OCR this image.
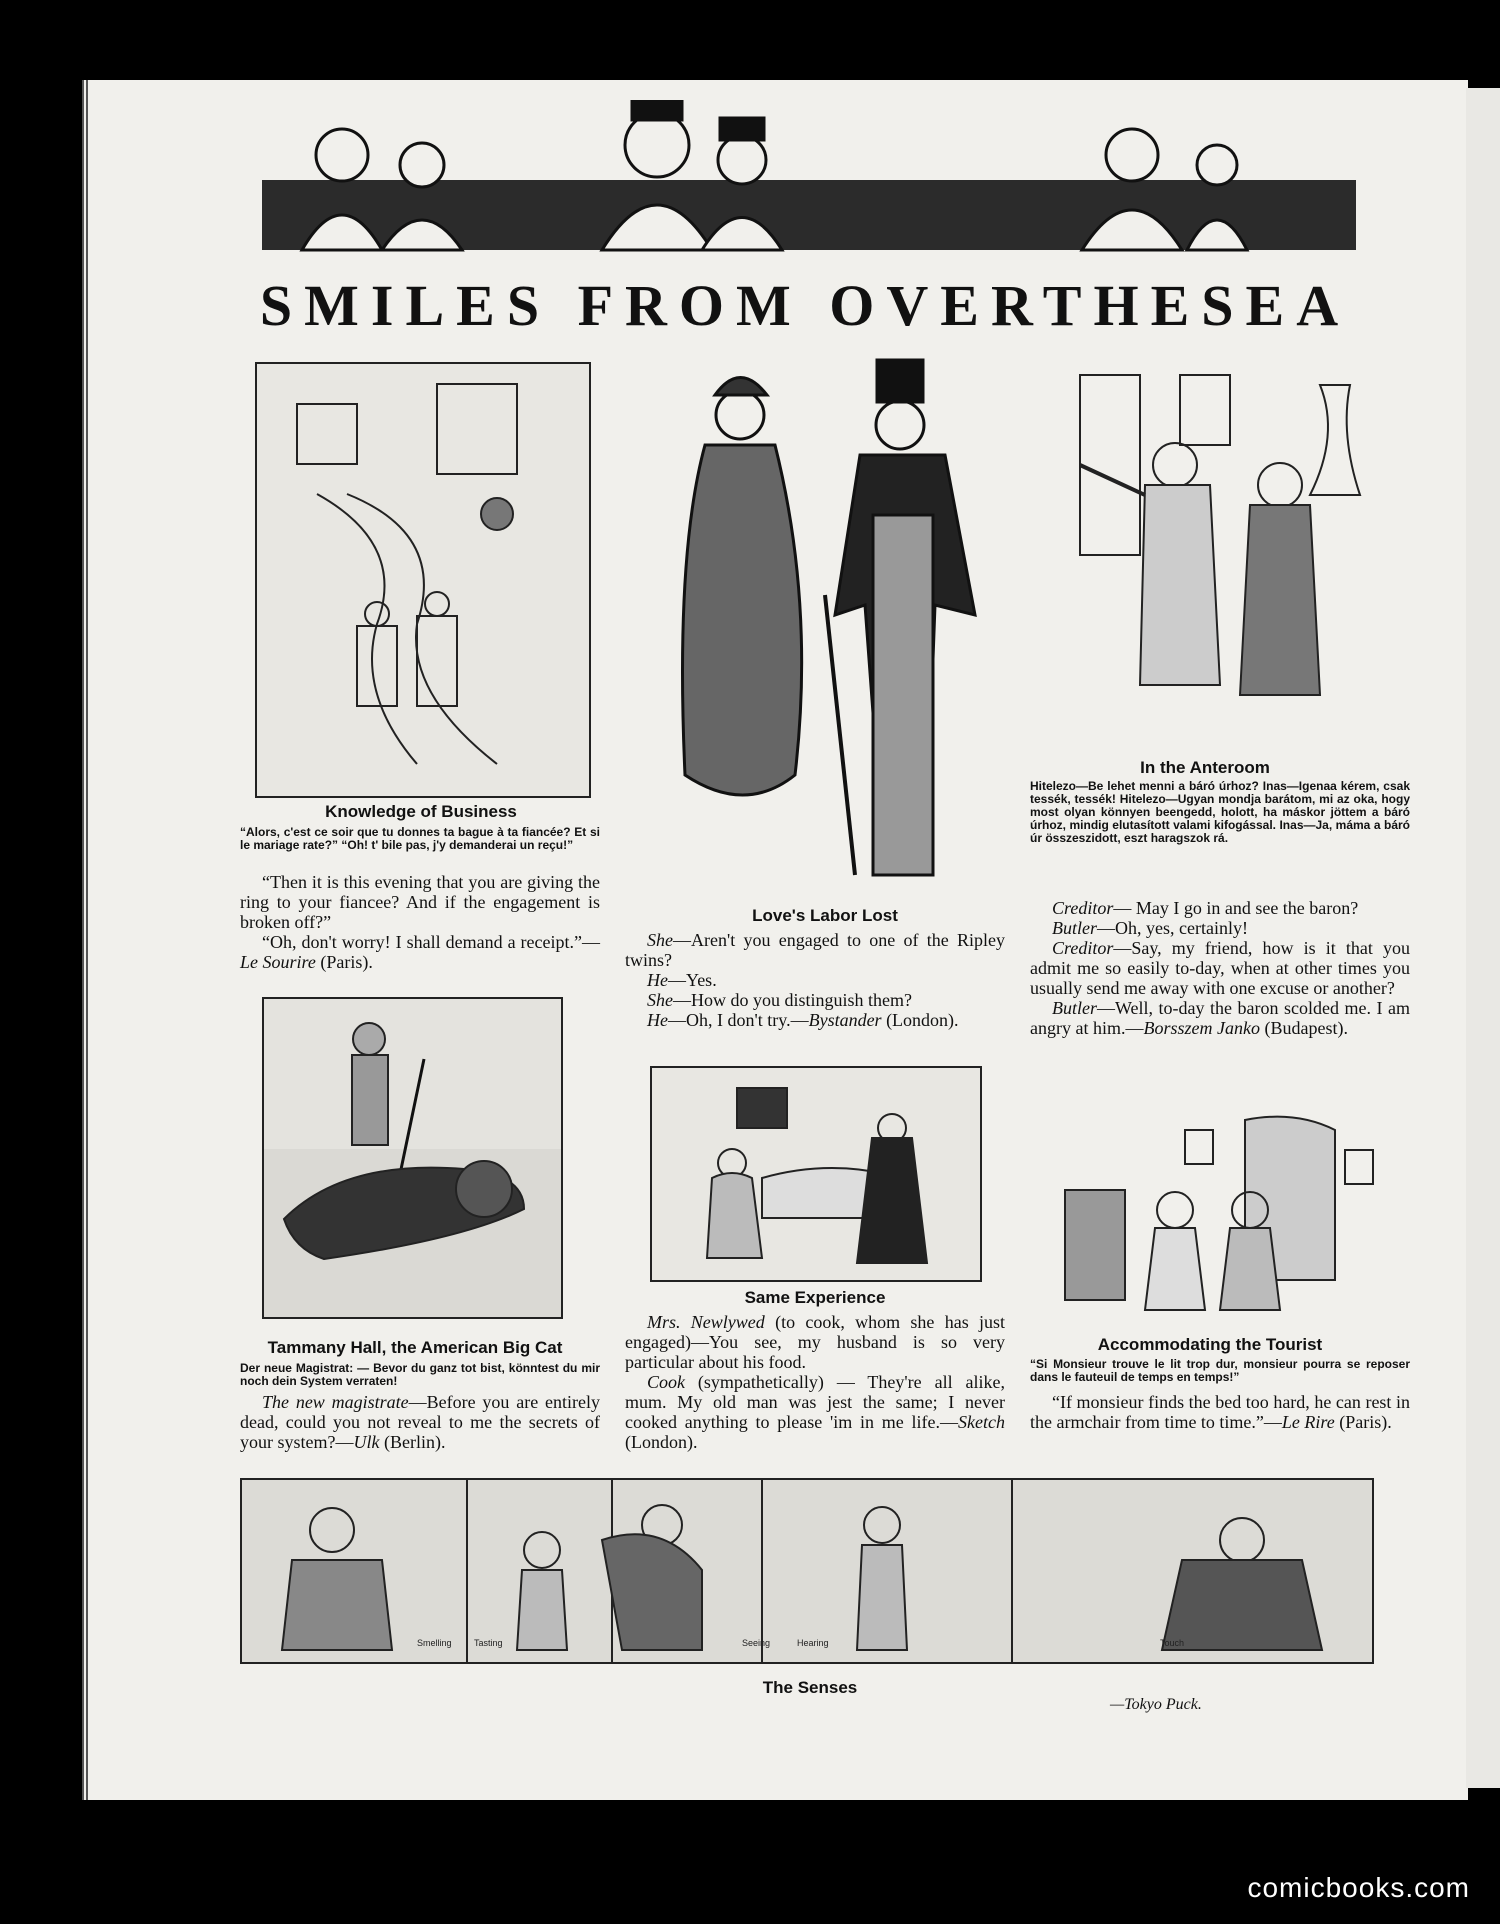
SMILES FROM OVERTHESEA
Knowledge of Business
“Alors, c'est ce soir que tu donnes ta bague à ta fiancée? Et si le mariage rate?” “Oh! t' bile pas, j'y demanderai un reçu!”

“Then it is this evening that you are giving the ring to your fiancee? And if the engagement is broken off?”

“Oh, don't worry! I shall demand a receipt.”—Le Sourire (Paris).

Tammany Hall, the American Big Cat
Der neue Magistrat: — Bevor du ganz tot bist, könntest du mir noch dein System verraten!

The new magistrate—Before you are entirely dead, could you not reveal to me the secrets of your system?—Ulk (Berlin).

Love's Labor Lost

She—Aren't you engaged to one of the Ripley twins?

He—Yes.

She—How do you distinguish them?

He—Oh, I don't try.—Bystander (London).

Same Experience

Mrs. Newlywed (to cook, whom she has just engaged)—You see, my husband is so very particular about his food.

Cook (sympathetically) — They're all alike, mum. My old man was jest the same; I never cooked anything to please 'im in me life.—Sketch (London).

In the Anteroom
Hitelezo—Be lehet menni a báró úrhoz? Inas—Igenaa kérem, csak tessék, tessék! Hitelezo—Ugyan mondja barátom, mi az oka, hogy most olyan könnyen beengedd, holott, ha máskor jöttem a báró úrhoz, mindig elutasított valami kifogással. Inas—Ja, máma a báró úr összeszidott, eszt haragszok rá.

Creditor— May I go in and see the baron?

Butler—Oh, yes, certainly!

Creditor—Say, my friend, how is it that you admit me so easily to-day, when at other times you usually send me away with one excuse or another?

Butler—Well, to-day the baron scolded me. I am angry at him.—Borsszem Janko (Budapest).

Accommodating the Tourist
“Si Monsieur trouve le lit trop dur, monsieur pourra se reposer dans le fauteuil de temps en temps!”

“If monsieur finds the bed too hard, he can rest in the armchair from time to time.”—Le Rire (Paris).

Smelling Tasting	Seeing	Hearing	Touch
The Senses
—Tokyo Puck.
comicbooks.com
